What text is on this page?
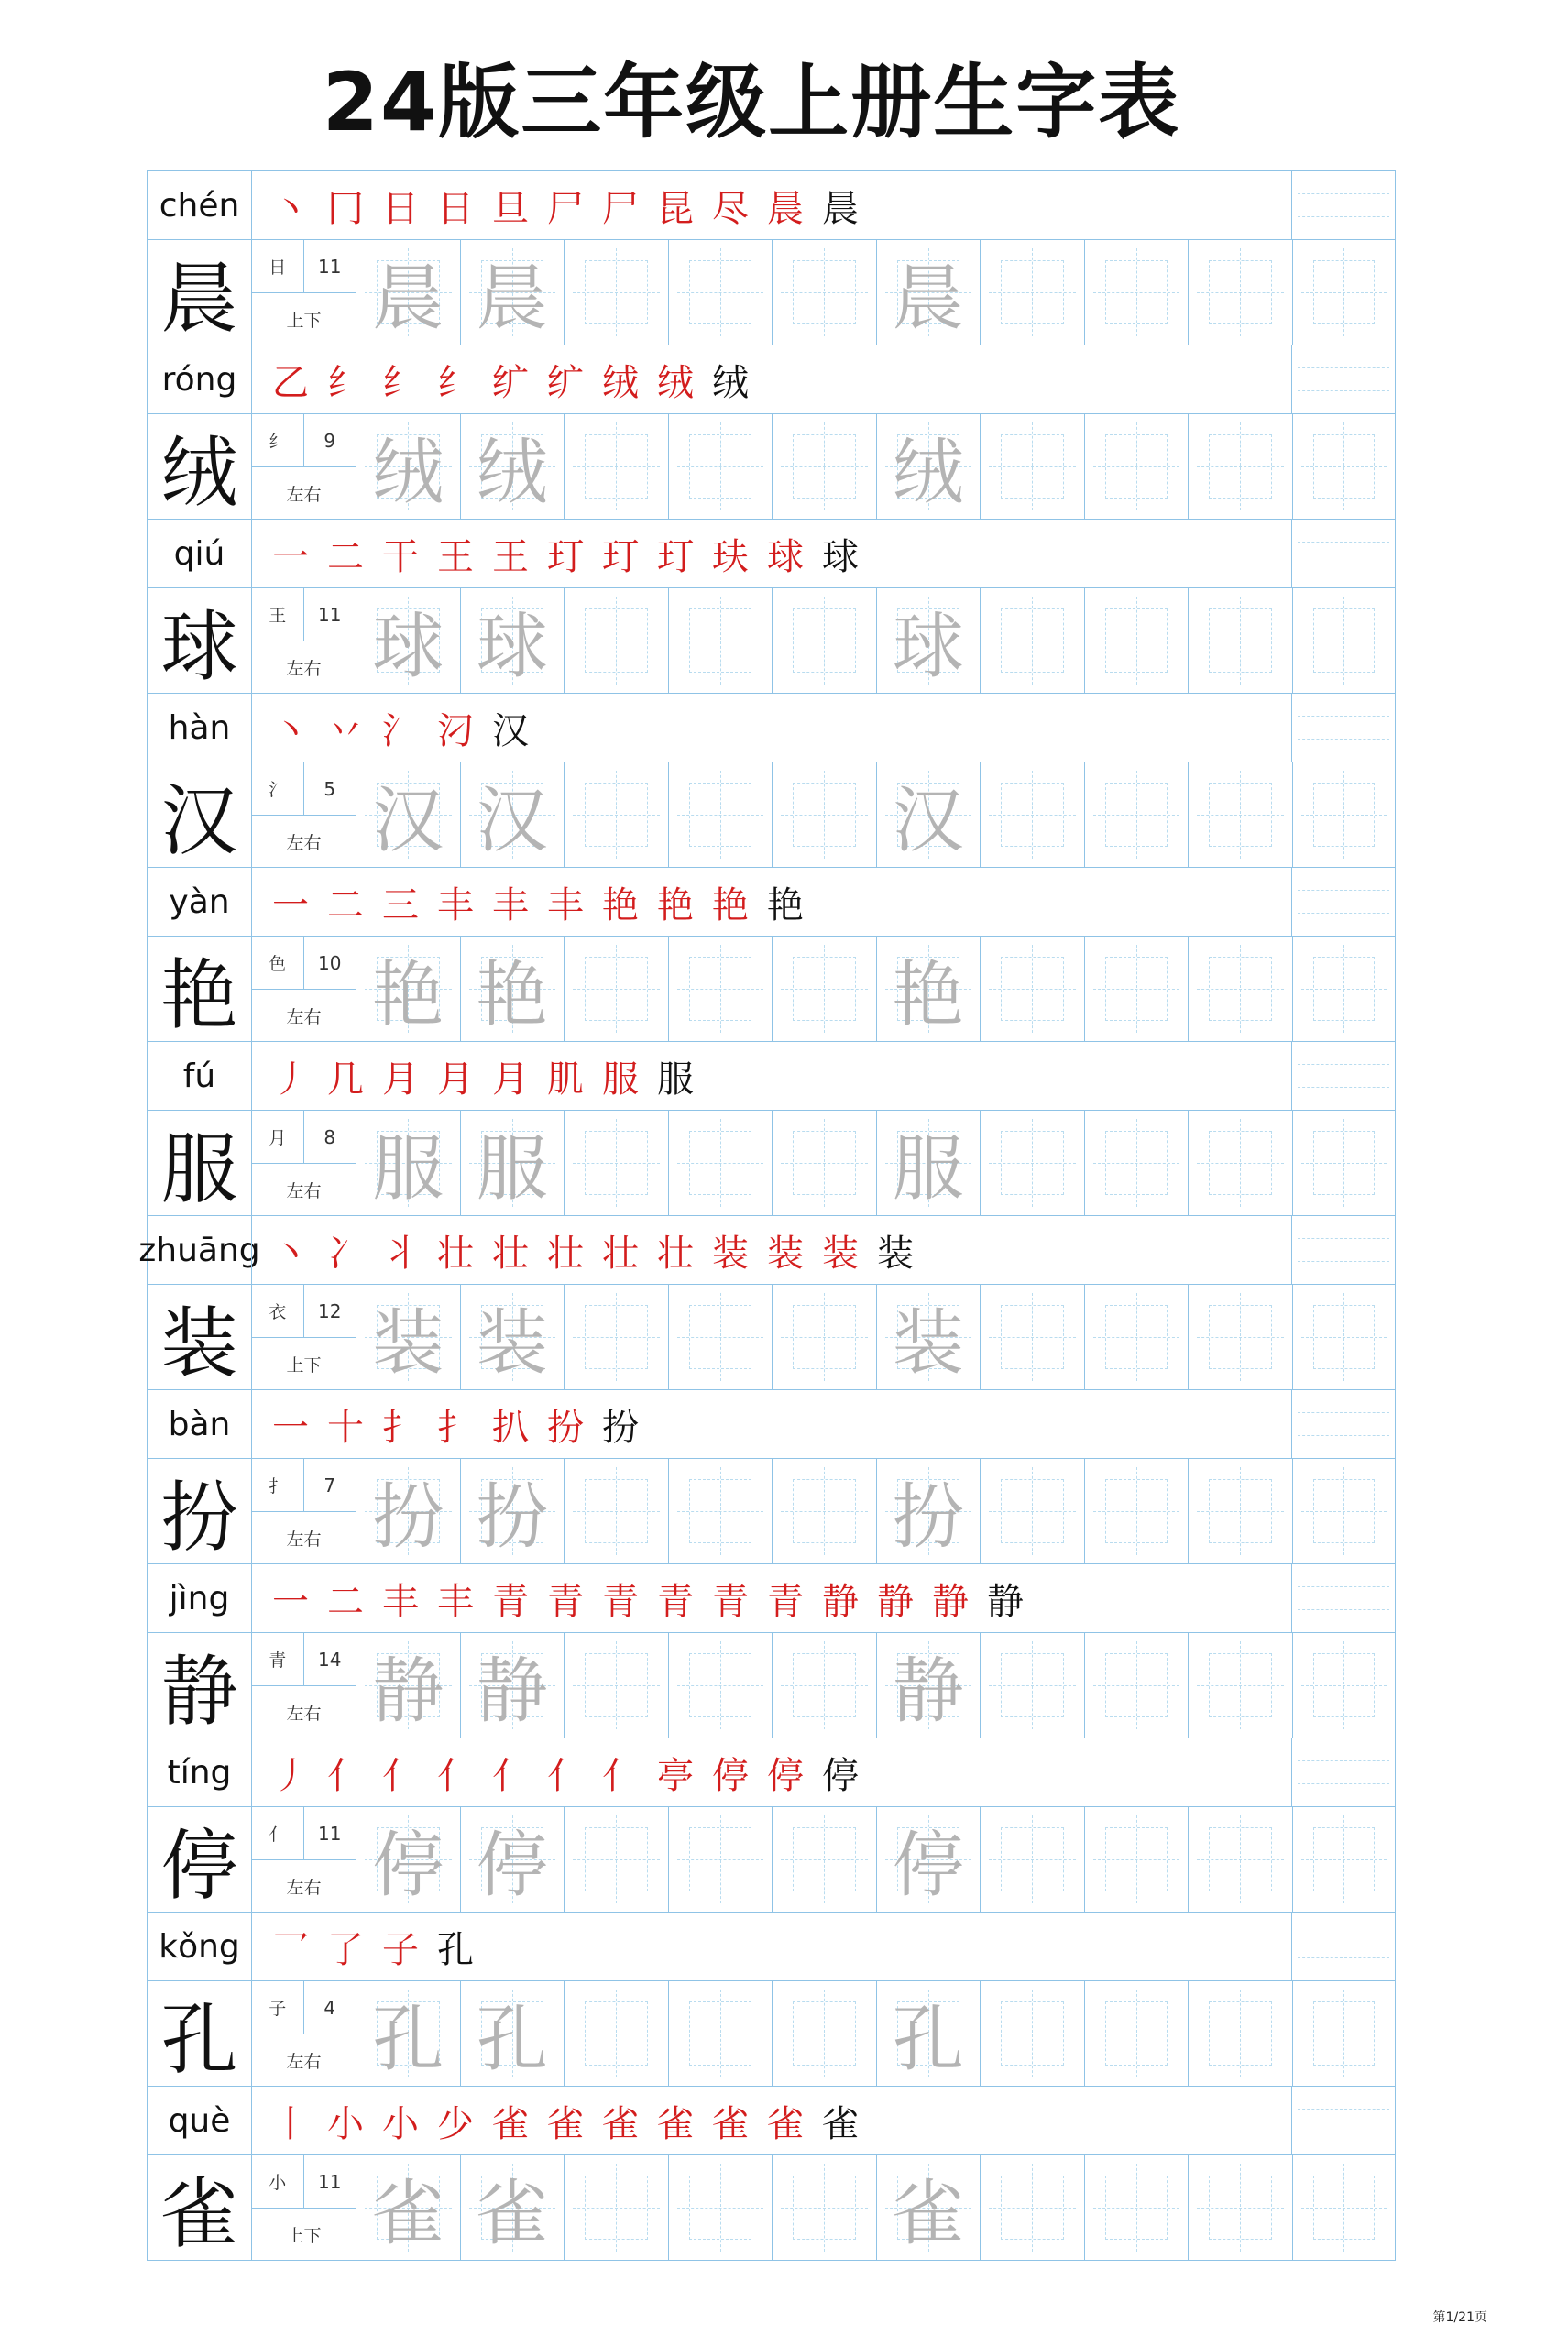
24版三年级上册生字表
chén 丶 冂 日 日 旦 尸 尸 昆 尽 晨 晨
晨	日	11
上下 晨 晨	晨
róng 乙 纟 纟 纟 纩 纩 绒 绒 绒
绒	纟	9
左右 绒 绒	绒
qiú	一 二 干 王 王 玎 玎 玎 玞 球 球
球	王	11
左右 球 球	球
hàn	丶 丷 氵 汈 汉
汉	氵	5
左右 汉 汉	汉
yàn	一 二 三 丰 丰 丰 艳 艳 艳 艳
艳	色	10
左右 艳 艳	艳
fú	丿 几 月 月 月 肌 服 服
服	月	8
左右 服 服	服
zhuāng 丶 冫 丬 壮 壮 壮 壮 壮 装 装 装 装
装	衣	12
上下 装 装	装
bàn	一 十 扌 扌 扒 扮 扮
扮	扌	7
左右 扮 扮	扮
jìng	一 二 丰 丰 青 青 青 青 青 青 静 静 静 静
静	青	14
左右 静 静	静
tíng	丿 亻 亻 亻 亻 亻 亻 亭 停 停 停
停	亻	11
左右 停 停	停
kǒng 乛 了 子 孔
孔	子	4
左右 孔 孔	孔
què	丨 小 小 少 雀 雀 雀 雀 雀 雀 雀
雀	小	11
上下 雀 雀	雀
第1/21页
